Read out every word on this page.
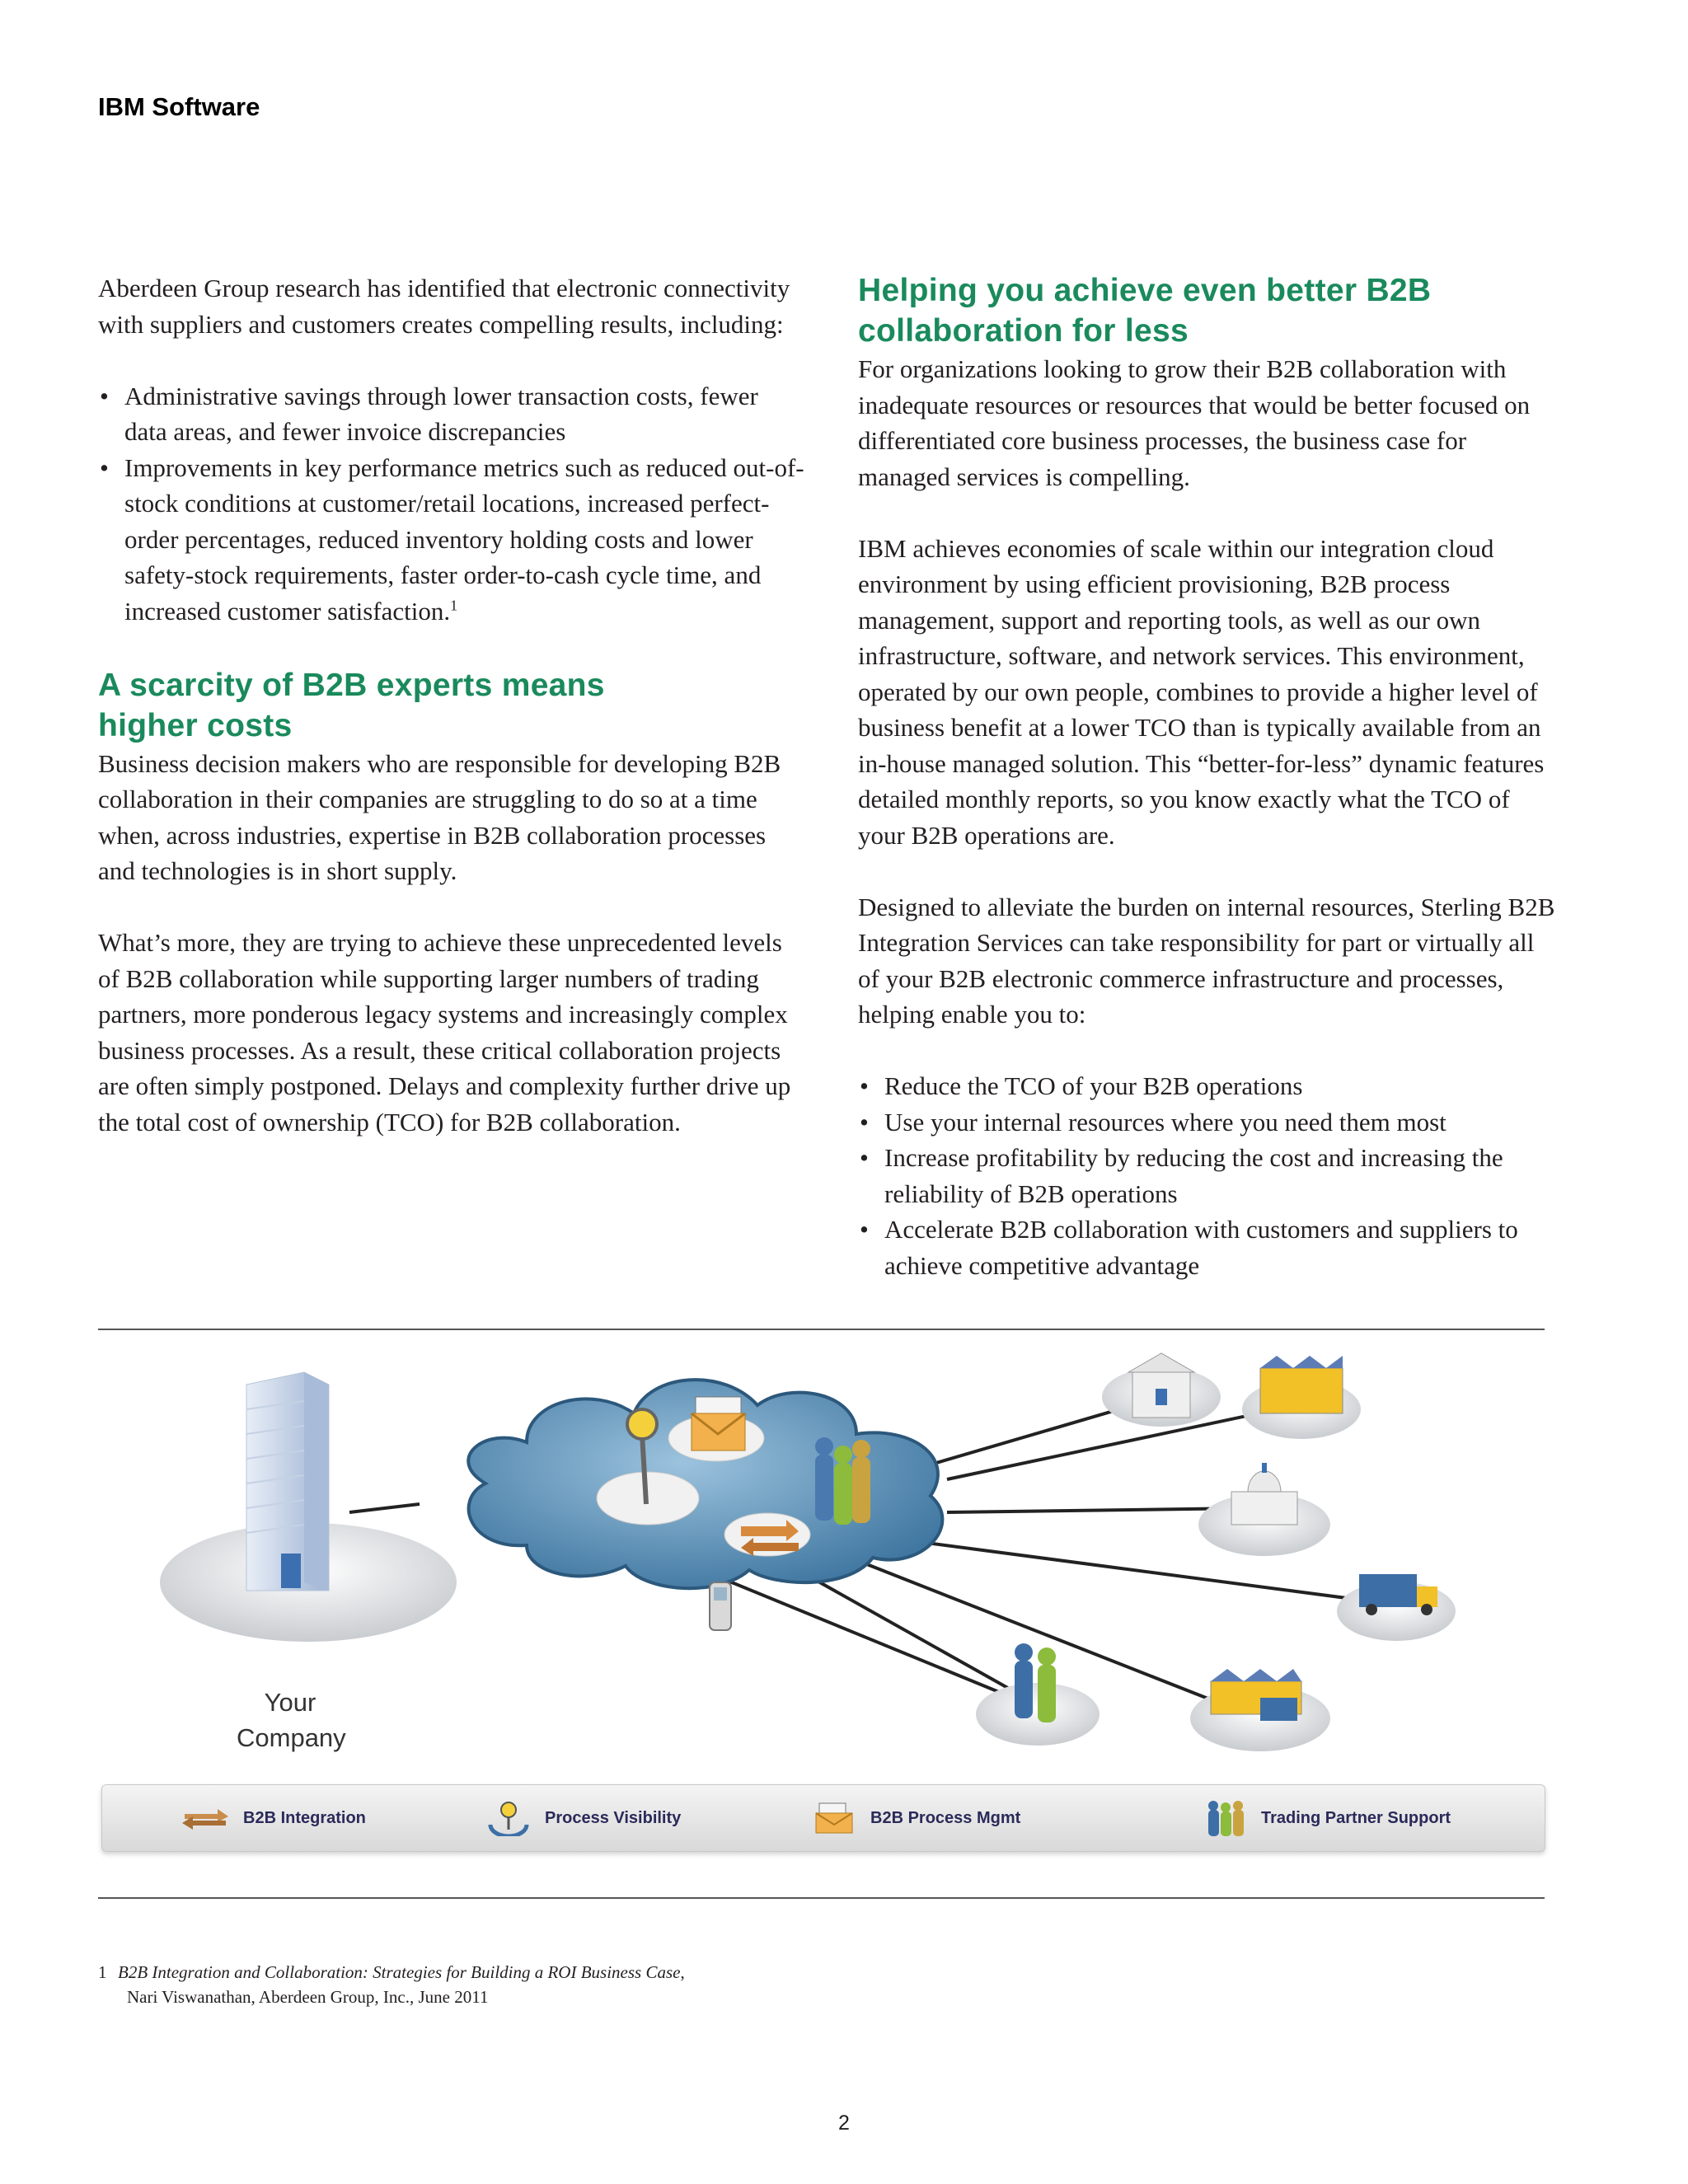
IBM Software

Aberdeen Group research has identified that electronic connectivity with suppliers and customers creates compelling results, including:

• Administrative savings through lower transaction costs, fewer data areas, and fewer invoice discrepancies
• Improvements in key performance metrics such as reduced out-of-stock conditions at customer/retail locations, increased perfect-order percentages, reduced inventory holding costs and lower safety-stock requirements, faster order-to-cash cycle time, and increased customer satisfaction.$^1$
A scarcity of B2B experts means
higher costs

Business decision makers who are responsible for developing B2B collaboration in their companies are struggling to do so at a time when, across industries, expertise in B2B collaboration processes and technologies is in short supply.

What’s more, they are trying to achieve these unprecedented levels of B2B collaboration while supporting larger numbers of trading partners, more ponderous legacy systems and increasingly complex business processes. As a result, these critical collaboration projects are often simply postponed. Delays and complexity further drive up the total cost of ownership (TCO) for B2B collaboration.

Helping you achieve even better B2B
collaboration for less

For organizations looking to grow their B2B collaboration with inadequate resources or resources that would be better focused on differentiated core business processes, the business case for managed services is compelling.

IBM achieves economies of scale within our integration cloud environment by using efficient provisioning, B2B process management, support and reporting tools, as well as our own infrastructure, software, and network services. This environment, operated by our own people, combines to provide a higher level of business benefit at a lower TCO than is typically available from an in-house managed solution. This “better-for-less” dynamic features detailed monthly reports, so you know exactly what the TCO of your B2B operations are.

Designed to alleviate the burden on internal resources, Sterling B2B Integration Services can take responsibility for part or virtually all of your B2B electronic commerce infrastructure and processes, helping enable you to:

• Reduce the TCO of your B2B operations
• Use your internal resources where you need them most
• Increase profitability by reducing the cost and increasing the reliability of B2B operations
• Accelerate B2B collaboration with customers and suppliers to achieve competitive advantage
Your
Company
B2B Integration	Process Visibility	B2B Process Mgmt	Trading Partner Support
1 B2B Integration and Collaboration: Strategies for Building a ROI Business Case,
Nari Viswanathan, Aberdeen Group, Inc., June 2011
2
